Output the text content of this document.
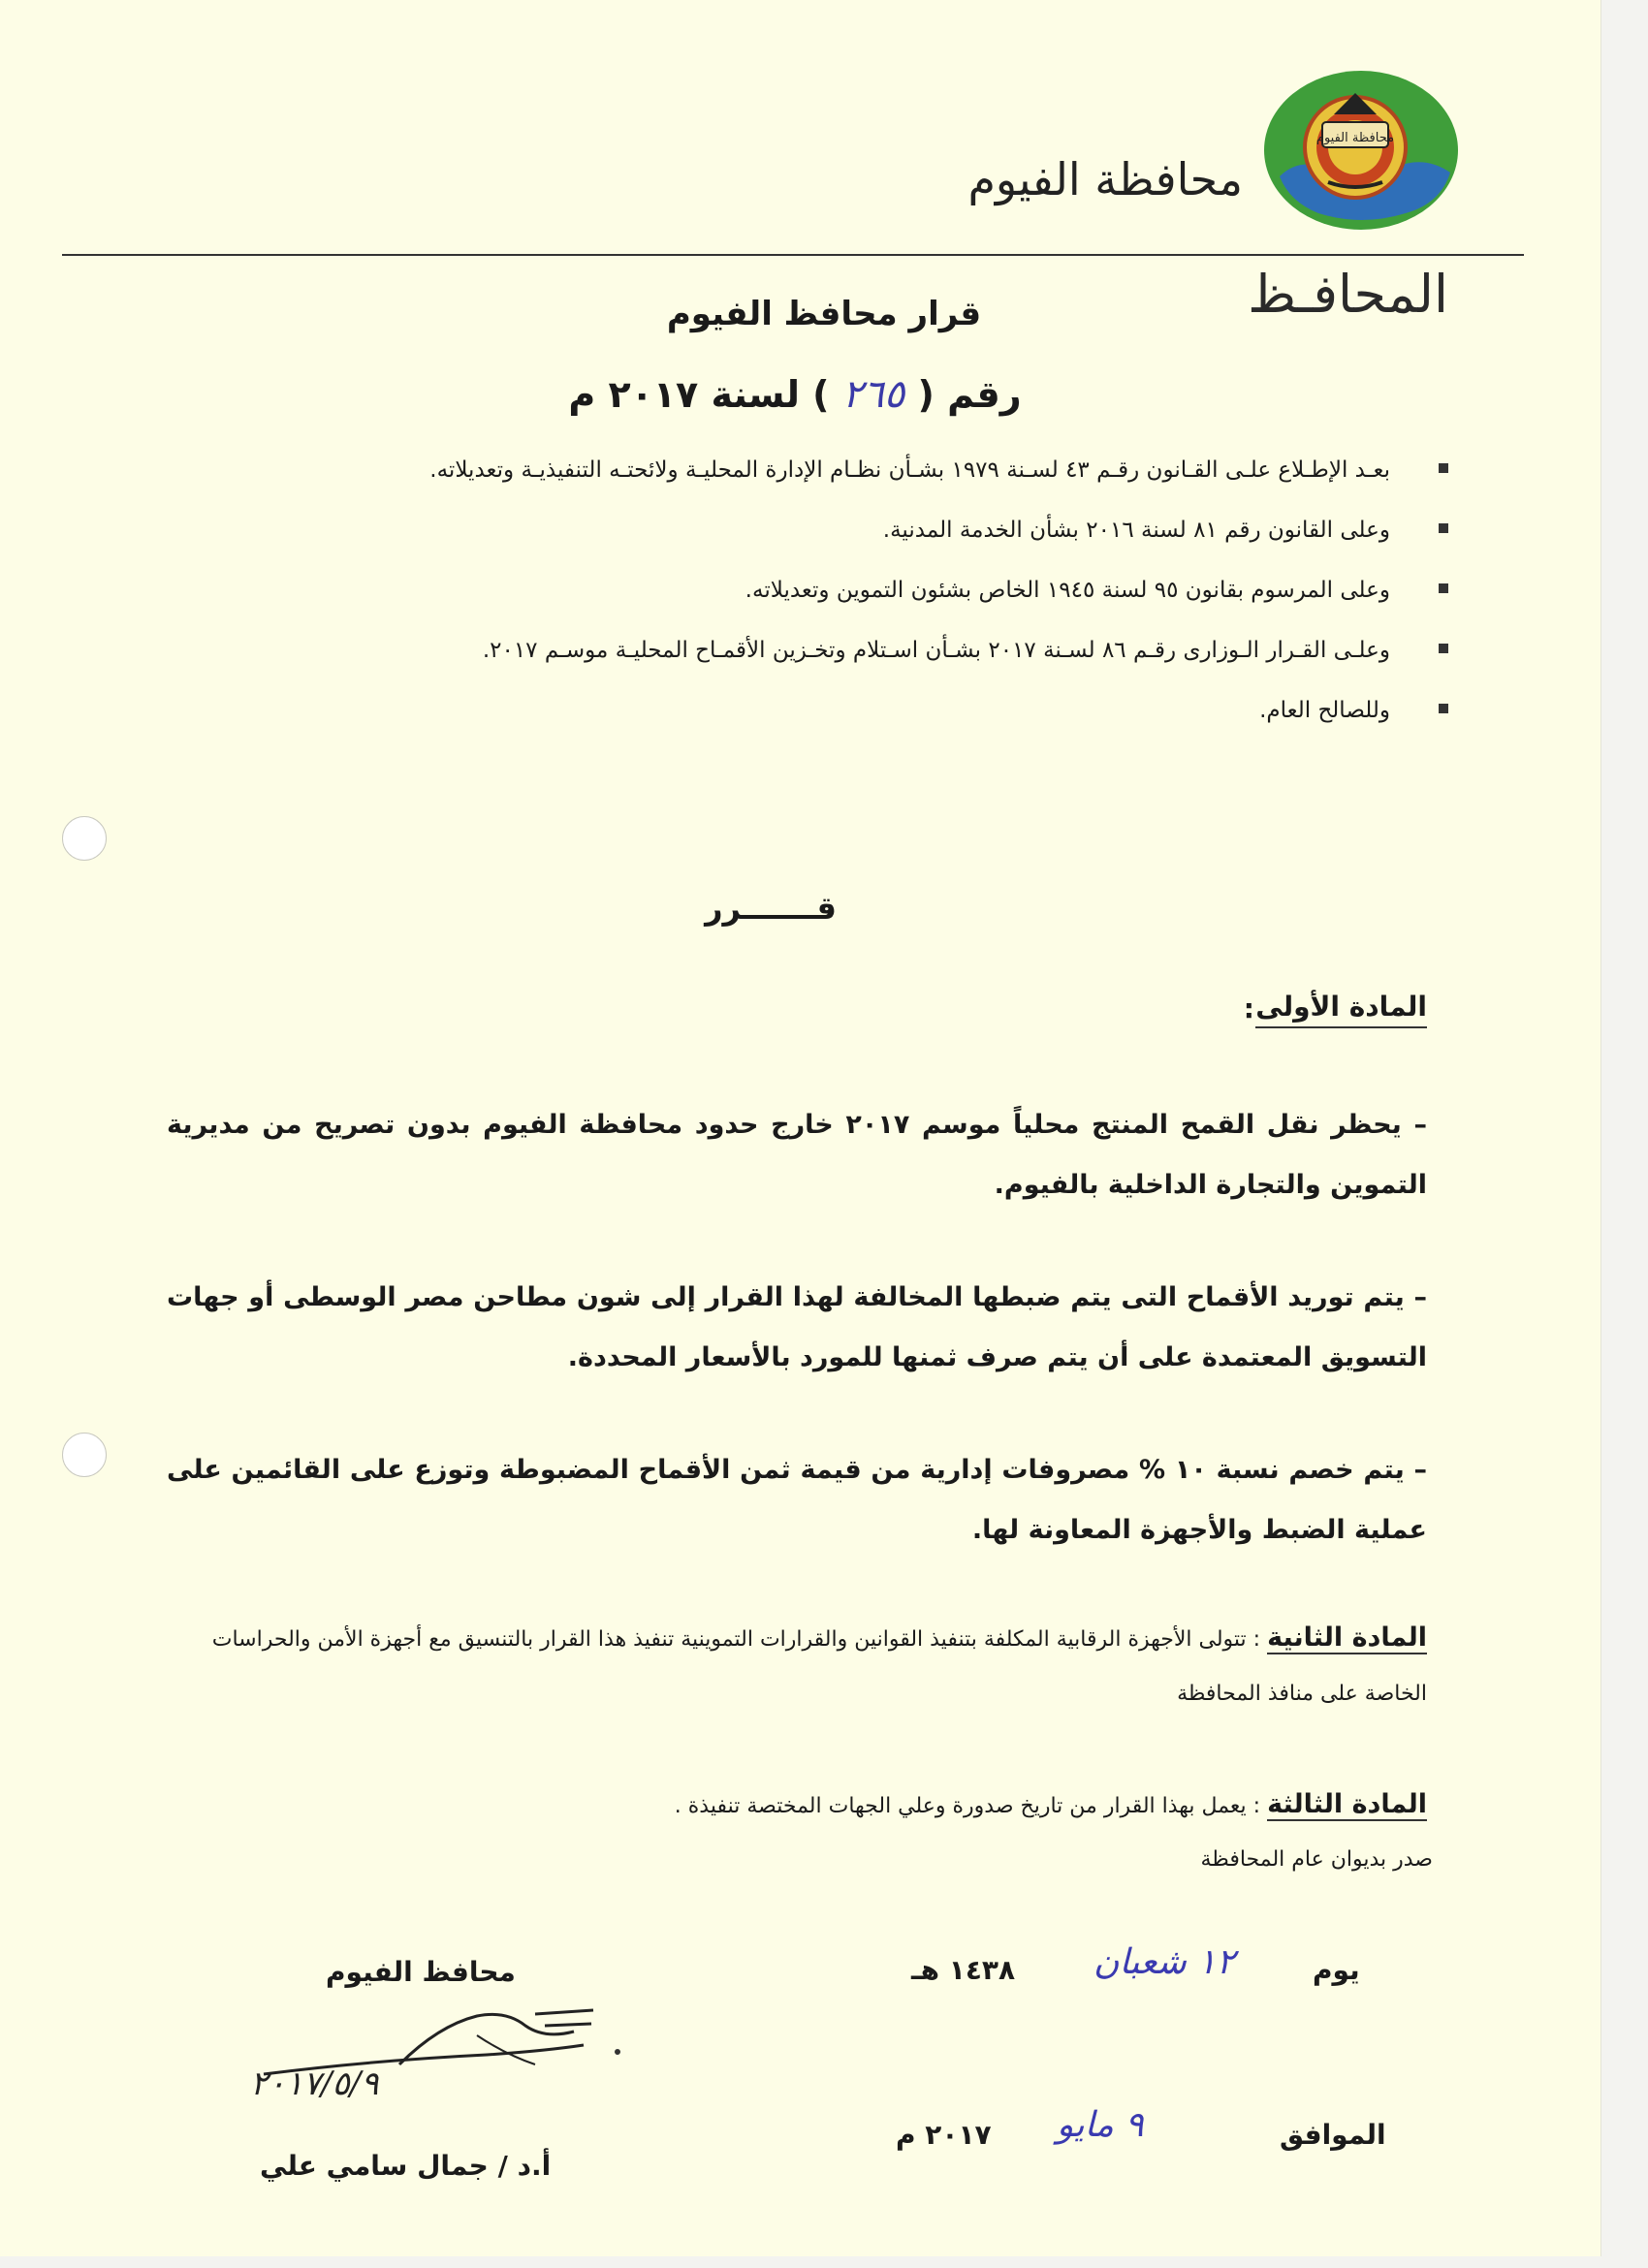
محافظة الفيوم
محافظة الفيوم
المحافـظ
قرار محافظ الفيوم
رقم ( ٢٦٥ ) لسنة ٢٠١٧ م
بعـد الإطـلاع علـى القـانون رقـم ٤٣ لسـنة ١٩٧٩ بشـأن نظـام الإدارة المحليـة ولائحتـه التنفيذيـة وتعديلاته.
وعلى القانون رقم ٨١ لسنة ٢٠١٦ بشأن الخدمة المدنية.
وعلى المرسوم بقانون ٩٥ لسنة ١٩٤٥ الخاص بشئون التموين وتعديلاته.
وعلـى القـرار الـوزارى رقـم ٨٦ لسـنة ٢٠١٧ بشـأن اسـتلام وتخـزين الأقمـاح المحليـة موسـم ٢٠١٧.
وللصالح العام.
قـــــــرر
المادة الأولى
:
– يحظر نقل القمح المنتج محلياً موسم ٢٠١٧ خارج حدود محافظة الفيوم بدون تصريح من مديرية التموين والتجارة الداخلية بالفيوم.
– يتم توريد الأقماح التى يتم ضبطها المخالفة لهذا القرار إلى شون مطاحن مصر الوسطى أو جهات التسويق المعتمدة على أن يتم صرف ثمنها للمورد بالأسعار المحددة.
– يتم خصم نسبة ١٠ % مصروفات إدارية من قيمة ثمن الأقماح المضبوطة وتوزع على القائمين على عملية الضبط والأجهزة المعاونة لها.
المادة الثانية : تتولى الأجهزة الرقابية المكلفة بتنفيذ القوانين والقرارات التموينية تنفيذ هذا القرار بالتنسيق مع أجهزة الأمن والحراسات الخاصة على منافذ المحافظة
المادة الثالثة : يعمل بهذا القرار من تاريخ صدورة وعلي الجهات المختصة تنفيذة .
صدر بديوان عام المحافظة
محافظ الفيوم
٢٠١٧/٥/٩
أ.د / جمال سامي علي
يوم
١٢ شعبان
١٤٣٨ هـ
الموافق
٩ مايو
٢٠١٧ م
